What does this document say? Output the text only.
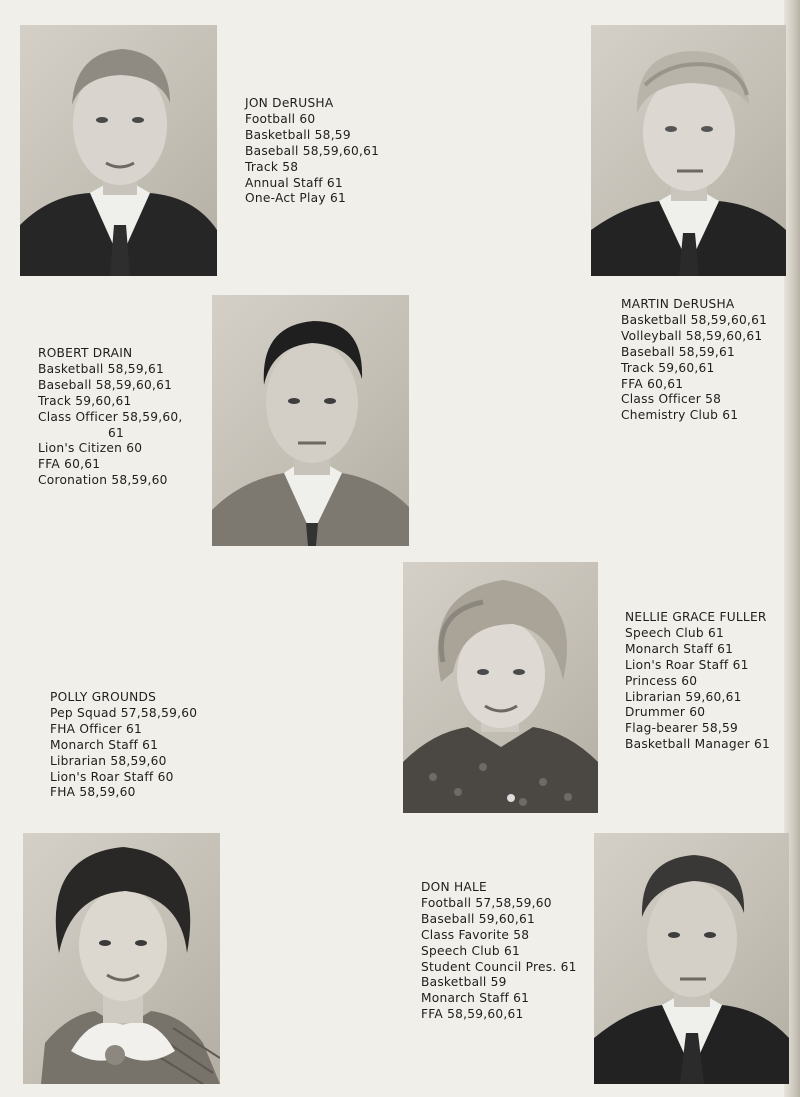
JON DeRUSHA
Football 60
Basketball 58,59
Baseball 58,59,60,61
Track 58
Annual Staff 61
One-Act Play 61
MARTIN DeRUSHA
Basketball 58,59,60,61
Volleyball 58,59,60,61
Baseball 58,59,61
Track 59,60,61
FFA 60,61
Class Officer 58
Chemistry Club 61
ROBERT DRAIN
Basketball 58,59,61
Baseball 58,59,60,61
Track 59,60,61
Class Officer 58,59,60,
61
Lion's Citizen 60
FFA 60,61
Coronation 58,59,60
NELLIE GRACE FULLER
Speech Club 61
Monarch Staff 61
Lion's Roar Staff 61
Princess 60
Librarian 59,60,61
Drummer 60
Flag-bearer 58,59
Basketball Manager 61
POLLY GROUNDS
Pep Squad 57,58,59,60
FHA Officer 61
Monarch Staff 61
Librarian 58,59,60
Lion's Roar Staff 60
FHA 58,59,60
DON HALE
Football 57,58,59,60
Baseball 59,60,61
Class Favorite 58
Speech Club 61
Student Council Pres. 61
Basketball 59
Monarch Staff 61
FFA 58,59,60,61
